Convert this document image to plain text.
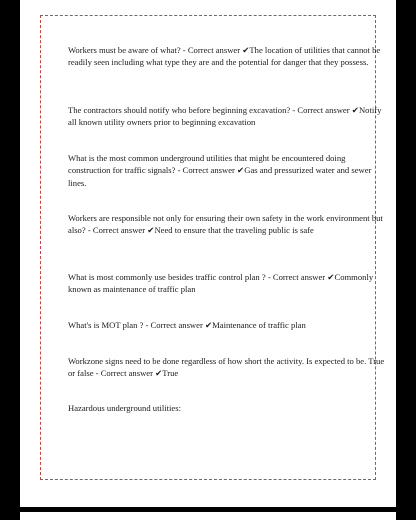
Workers must be aware of what? - Correct answer ✔The location of utilities that cannot be readily seen including what type they are and the potential for danger that they possess.

The contractors should notify who before beginning excavation? - Correct answer ✔Notify all known utility owners prior to beginning excavation

What is the most common underground utilities that might be encountered doing construction for traffic signals? - Correct answer ✔Gas and pressurized water and sewer lines.

Workers are responsible not only for ensuring their own safety in the work environment but also? - Correct answer ✔Need to ensure that the traveling public is safe

What is most commonly use besides traffic control plan ? - Correct answer ✔Commonly known as maintenance of traffic plan

What's is MOT plan ? - Correct answer ✔Maintenance of traffic plan

Workzone signs need to be done regardless of how short the activity. Is expected to be. True or false - Correct answer ✔True

Hazardous underground utilities:
